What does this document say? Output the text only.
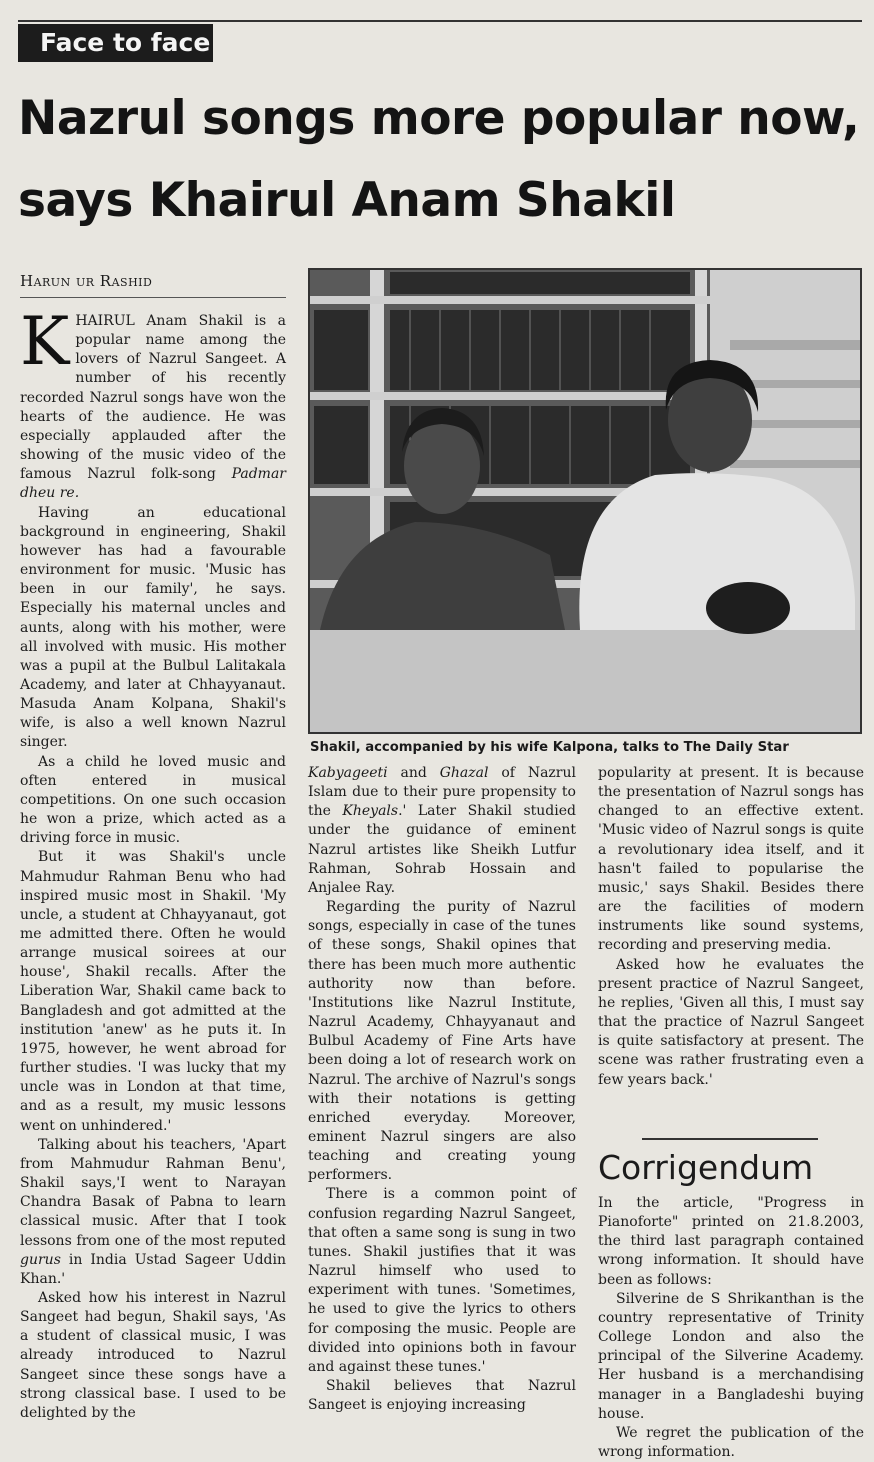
Face to face
Nazrul songs more popular now,
says Khairul Anam Shakil
Harun ur Rashid

KHAIRUL Anam Shakil is a popular name among the lovers of Nazrul Sangeet. A number of his recently recorded Nazrul songs have won the hearts of the audience. He was especially applauded after the showing of the music video of the famous Nazrul folk-song Padmar dheu re.

Having an educational background in engineering, Shakil however has had a favourable environment for music. 'Music has been in our family', he says. Especially his maternal uncles and aunts, along with his mother, were all involved with music. His mother was a pupil at the Bulbul Lalitakala Academy, and later at Chhayyanaut. Masuda Anam Kolpana, Shakil's wife, is also a well known Nazrul singer.

As a child he loved music and often entered in musical competitions. On one such occasion he won a prize, which acted as a driving force in music.

But it was Shakil's uncle Mahmudur Rahman Benu who had inspired music most in Shakil. 'My uncle, a student at Chhayyanaut, got me admitted there. Often he would arrange musical soirees at our house', Shakil recalls. After the Liberation War, Shakil came back to Bangladesh and got admitted at the institution 'anew' as he puts it. In 1975, however, he went abroad for further studies. 'I was lucky that my uncle was in London at that time, and as a result, my music lessons went on unhindered.'

Talking about his teachers, 'Apart from Mahmudur Rahman Benu', Shakil says,'I went to Narayan Chandra Basak of Pabna to learn classical music. After that I took lessons from one of the most reputed gurus in India Ustad Sageer Uddin Khan.'

Asked how his interest in Nazrul Sangeet had begun, Shakil says, 'As a student of classical music, I was already introduced to Nazrul Sangeet since these songs have a strong classical base. I used to be delighted by the

Shakil, accompanied by his wife Kalpona, talks to The Daily Star

Kabyageeti and Ghazal of Nazrul Islam due to their pure propensity to the Kheyals.' Later Shakil studied under the guidance of eminent Nazrul artistes like Sheikh Lutfur Rahman, Sohrab Hossain and Anjalee Ray.

Regarding the purity of Nazrul songs, especially in case of the tunes of these songs, Shakil opines that there has been much more authentic authority now than before. 'Institutions like Nazrul Institute, Nazrul Academy, Chhayyanaut and Bulbul Academy of Fine Arts have been doing a lot of research work on Nazrul. The archive of Nazrul's songs with their notations is getting enriched everyday. Moreover, eminent Nazrul singers are also teaching and creating young performers.

There is a common point of confusion regarding Nazrul Sangeet, that often a same song is sung in two tunes. Shakil justifies that it was Nazrul himself who used to experiment with tunes. 'Sometimes, he used to give the lyrics to others for composing the music. People are divided into opinions both in favour and against these tunes.'

Shakil believes that Nazrul Sangeet is enjoying increasing

popularity at present. It is because the presentation of Nazrul songs has changed to an effective extent. 'Music video of Nazrul songs is quite a revolutionary idea itself, and it hasn't failed to popularise the music,' says Shakil. Besides there are the facilities of modern instruments like sound systems, recording and preserving media.

Asked how he evaluates the present practice of Nazrul Sangeet, he replies, 'Given all this, I must say that the practice of Nazrul Sangeet is quite satisfactory at present. The scene was rather frustrating even a few years back.'

Corrigendum

In the article, "Progress in Pianoforte" printed on 21.8.2003, the third last paragraph contained wrong information. It should have been as follows:

Silverine de S Shrikanthan is the country representative of Trinity College London and also the principal of the Silverine Academy. Her husband is a merchandising manager in a Bangladeshi buying house.

We regret the publication of the wrong information.
